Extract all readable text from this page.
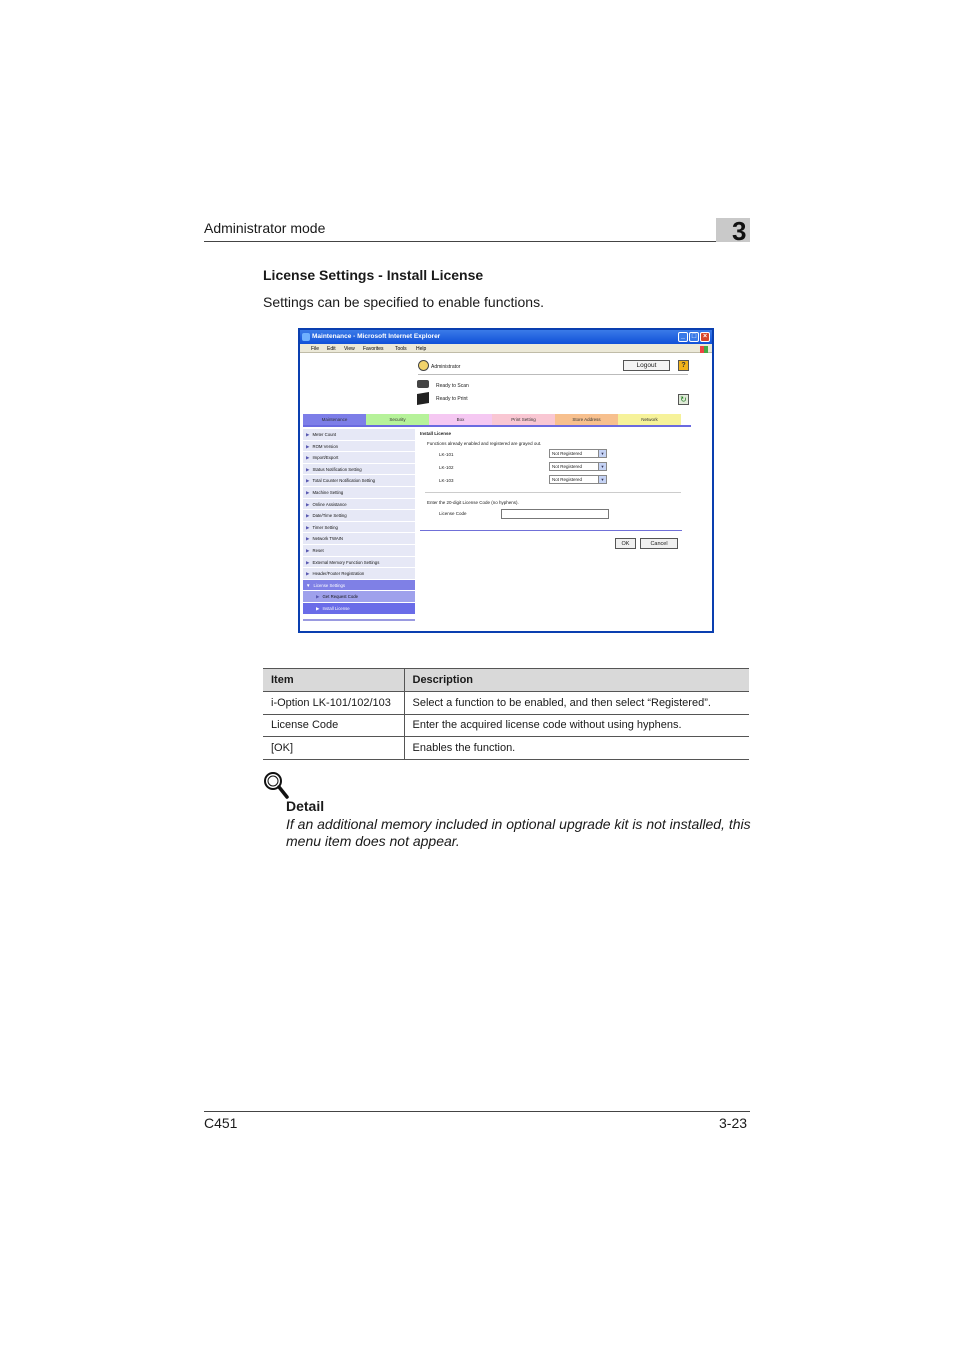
Administrator mode	3
License Settings - Install License
Settings can be specified to enable functions.
Maintenance - Microsoft Internet Explorer	_ □ ×
File Edit View Favorites Tools Help
Administrator	Logout	?
Ready to Scan
Ready to Print	↻
Maintenance	Security	Box	Print Setting	Store Address	Network
▶ Meter Count
▶ ROM Version
▶ Import/Export
▶ Status Notification Setting
▶ Total Counter Notification Setting
▶ Machine Setting
▶ Online Assistance
▶ Date/Time Setting
▶ Timer Setting
▶ Network TWAIN
▶ Reset
▶ External Memory Function Settings
▶ Header/Footer Registration
▼ License Settings
▶ Get Request Code
▶ Install License
Install License
Functions already enabled and registered are grayed out.
LK-101	Not Registered	▼
LK-102	Not Registered	▼
LK-103	Not Registered	▼
Enter the 20-digit License Code (no hyphens).
License Code
OK	Cancel
Item	Description
i-Option LK-101/102/103	Select a function to be enabled, and then select “Registered”.
License Code	Enter the acquired license code without using hyphens.
[OK]	Enables the function.
Detail
If an additional memory included in optional upgrade kit is not installed, this menu item does not appear.
C451	3-23
